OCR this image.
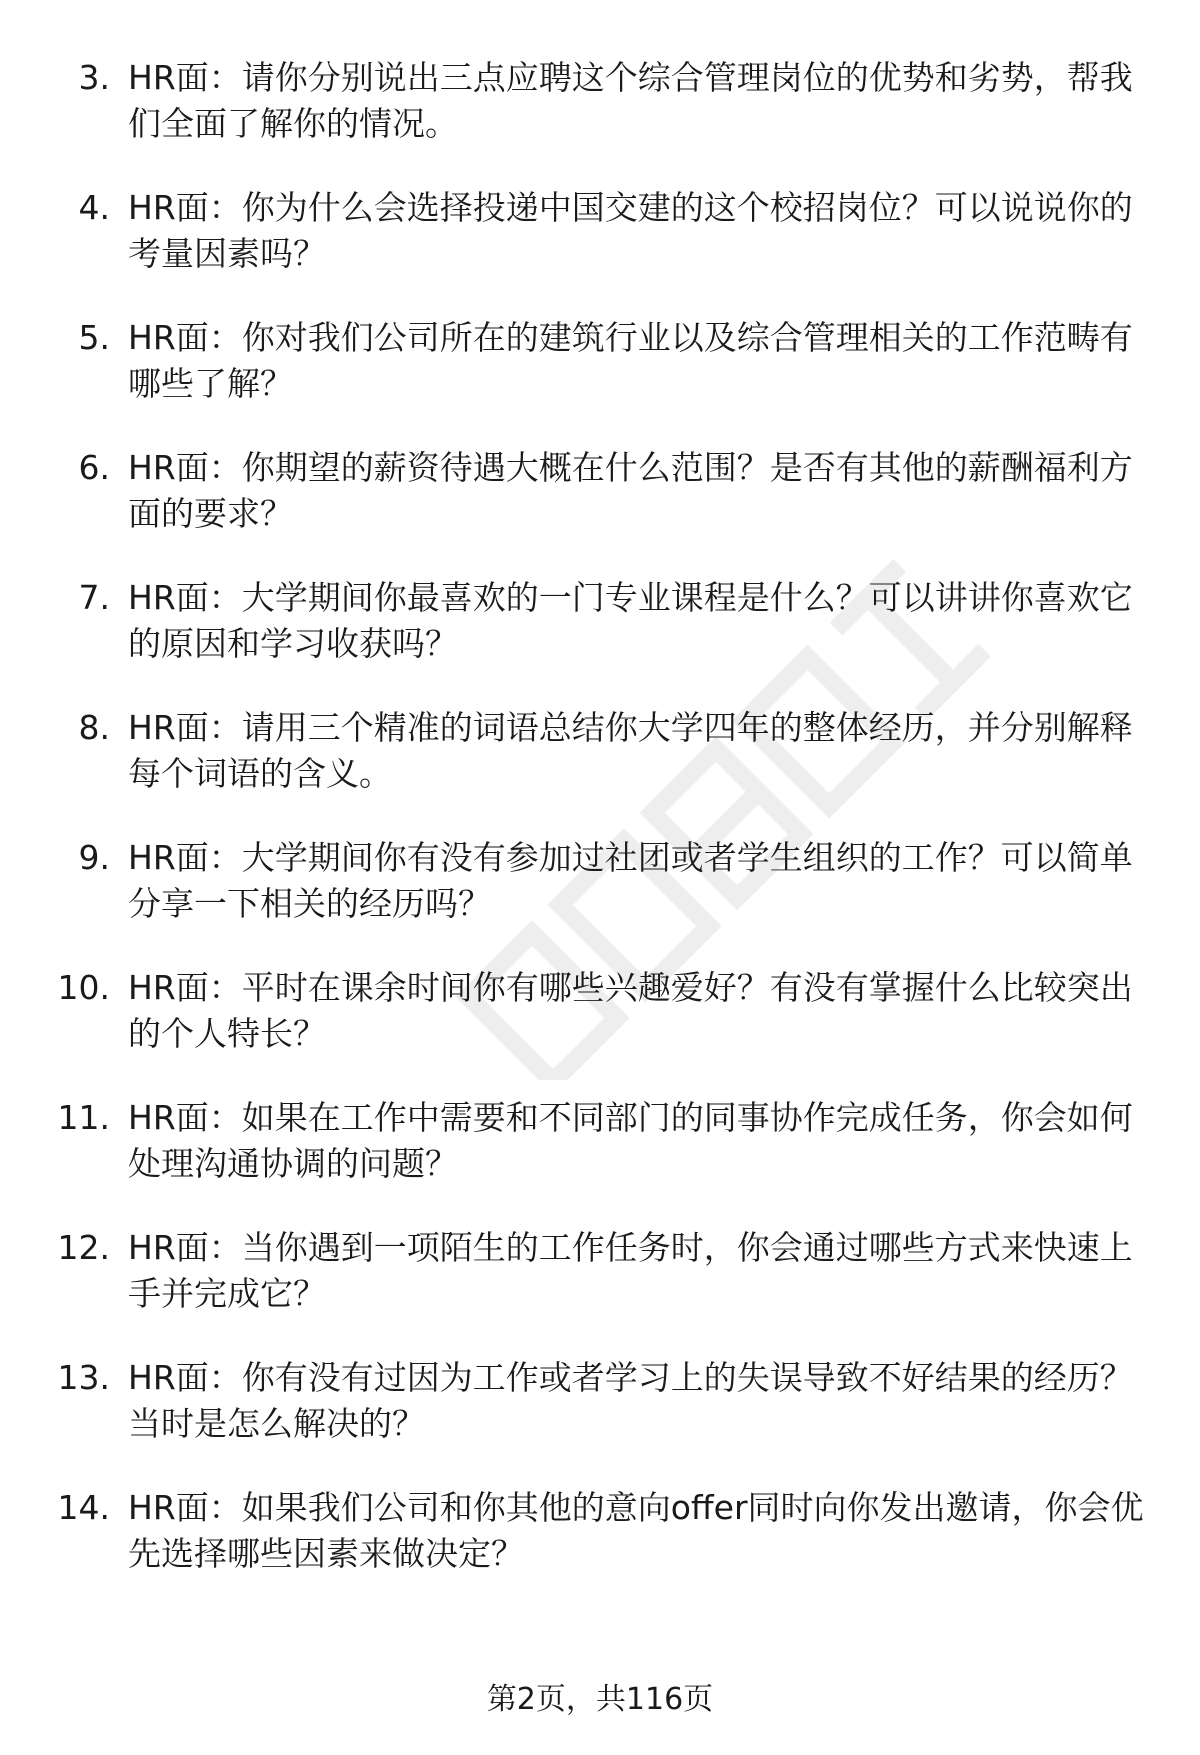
3. HR面：请你分别说出三点应聘这个综合管理岗位的优势和劣势，帮我们全面了解你的情况。
4. HR面：你为什么会选择投递中国交建的这个校招岗位？可以说说你的考量因素吗？
5. HR面：你对我们公司所在的建筑行业以及综合管理相关的工作范畴有哪些了解？
6. HR面：你期望的薪资待遇大概在什么范围？是否有其他的薪酬福利方面的要求？
7. HR面：大学期间你最喜欢的一门专业课程是什么？可以讲讲你喜欢它的原因和学习收获吗？
8. HR面：请用三个精准的词语总结你大学四年的整体经历，并分别解释每个词语的含义。
9. HR面：大学期间你有没有参加过社团或者学生组织的工作？可以简单分享一下相关的经历吗？
10. HR面：平时在课余时间你有哪些兴趣爱好？有没有掌握什么比较突出的个人特长？
11. HR面：如果在工作中需要和不同部门的同事协作完成任务，你会如何处理沟通协调的问题？
12. HR面：当你遇到一项陌生的工作任务时，你会通过哪些方式来快速上手并完成它？
13. HR面：你有没有过因为工作或者学习上的失误导致不好结果的经历？当时是怎么解决的？
14. HR面：如果我们公司和你其他的意向offer同时向你发出邀请，你会优先选择哪些因素来做决定？
第2页，共116页
